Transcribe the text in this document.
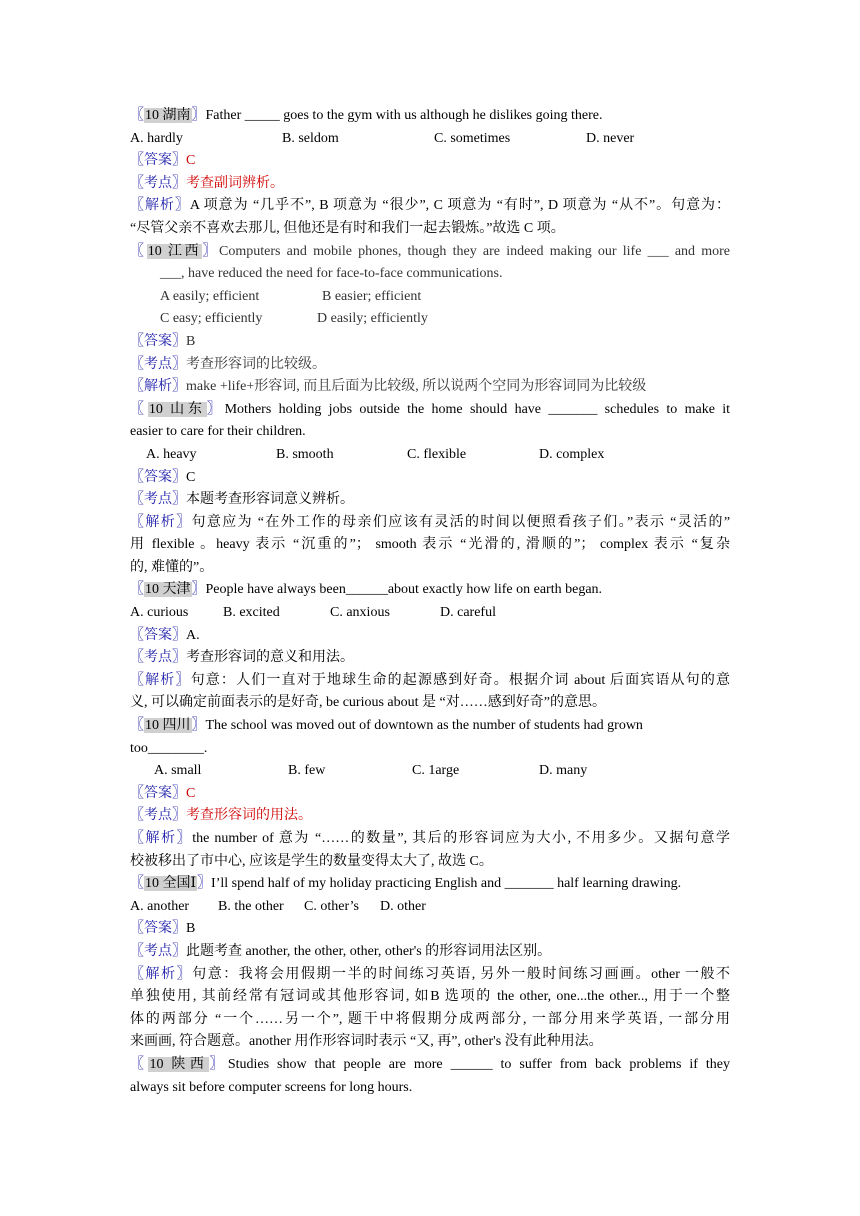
〖10 湖南〗Father _____ goes to the gym with us although he dislikes going there.
A. hardly	B. seldom	C. sometimes	D. never
〖答案〗C
〖考点〗考查副词辨析。
〖解析〗A 项意为 “几乎不”, B 项意为 “很少”, C 项意为 “有时”, D 项意为 “从不”。句意为：
“尽管父亲不喜欢去那儿, 但他还是有时和我们一起去锻炼。”故选 C 项。
〖10 江西〗Computers and mobile phones, though they are indeed making our life ___ and more
___, have reduced the need for face-to-face communications.
A easily; efficient	B easier; efficient
C easy; efficiently	D easily; efficiently
〖答案〗B
〖考点〗考查形容词的比较级。
〖解析〗make +life+形容词, 而且后面为比较级, 所以说两个空同为形容词同为比较级
〖10 山东〗Mothers holding jobs outside the home should have _______ schedules to make it
easier to care for their children.
A. heavy	B. smooth	C. flexible	D. complex
〖答案〗C
〖考点〗本题考查形容词意义辨析。
〖解析〗句意应为 “在外工作的母亲们应该有灵活的时间以便照看孩子们。”表示 “灵活的”
用 flexible 。heavy 表示 “沉重的”； smooth 表示 “光滑的, 滑顺的”； complex 表示 “复杂
的, 难懂的”。
〖10 天津〗People have always been______about exactly how life on earth began.
A. curious B. excited	C. anxious	D. careful
〖答案〗A.
〖考点〗考查形容词的意义和用法。
〖解析〗句意：人们一直对于地球生命的起源感到好奇。根据介词 about 后面宾语从句的意
义, 可以确定前面表示的是好奇, be curious about 是 “对……感到好奇”的意思。
〖10 四川〗The school was moved out of downtown as the number of students had grown
too________.
A. small	B. few	C. 1arge	D. many
〖答案〗C
〖考点〗考查形容词的用法。
〖解析〗the number of 意为 “……的数量”, 其后的形容词应为大小, 不用多少。又据句意学
校被移出了市中心, 应该是学生的数量变得太大了, 故选 C。
〖10 全国Ⅰ〗I’ll spend half of my holiday practicing English and _______ half learning drawing.
A. another B. the other C. other’s D. other
〖答案〗B
〖考点〗此题考查 another, the other, other, other's 的形容词用法区别。
〖解析〗句意：我将会用假期一半的时间练习英语, 另外一般时间练习画画。other 一般不
单独使用, 其前经常有冠词或其他形容词, 如B 选项的 the other, one...the other.., 用于一个整
体的两部分 “一个……另一个”, 题干中将假期分成两部分, 一部分用来学英语, 一部分用
来画画, 符合题意。another 用作形容词时表示 “又, 再”, other's 没有此种用法。
〖10 陕西〗Studies show that people are more ______ to suffer from back problems if they
always sit before computer screens for long hours.
